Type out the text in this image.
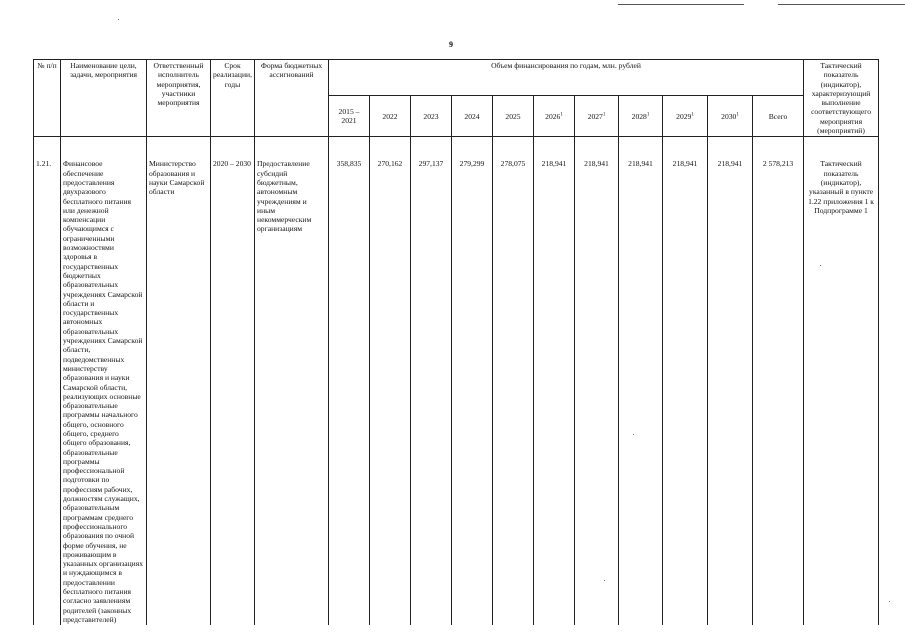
9
№ п/п	Наименование цели, задачи, мероприятия	Ответственный исполнитель мероприятия, участники мероприятия	Срок реализации, годы	Форма бюджетных ассигнований	Объем финансирования по годам, млн. рублей											Тактический показатель (индикатор), характеризующий выполнение соответствующего мероприятия (мероприятий)
					2015 – 2021	2022	2023	2024	2025	2026$^1$	2027$^1$	2028$^1$	2029$^1$	2030$^1$	Всего	
1.21.	Финансовое обеспечение предоставления двухразового бесплатного питания или денежной компенсации обучающимся с ограниченными возможностями здоровья в государственных бюджетных образовательных учреждениях Самарской области и государственных автономных образовательных учреждениях Самарской области, подведомственных министерству образования и науки Самарской области, реализующих основные образовательные программы начального общего, основного общего, среднего общего образования, образовательные программы профессиональной подготовки по профессиям рабочих, должностям служащих, образовательным программам среднего профессионального образования по очной форме обучения, не проживающим в указанных организациях и нуждающимся в предоставлении бесплатного питания согласно заявлениям родителей (законных представителей)	Министерство образования и науки Самарской области	2020 – 2030	Предоставление субсидий бюджетным, автономным учреждениям и иным некоммерческим организациям	358,835	270,162	297,137	279,299	278,075	218,941	218,941	218,941	218,941	218,941	2 578,213	Тактический показатель (индикатор), указанный в пункте 1.22 приложения 1 к Подпрограмме 1
